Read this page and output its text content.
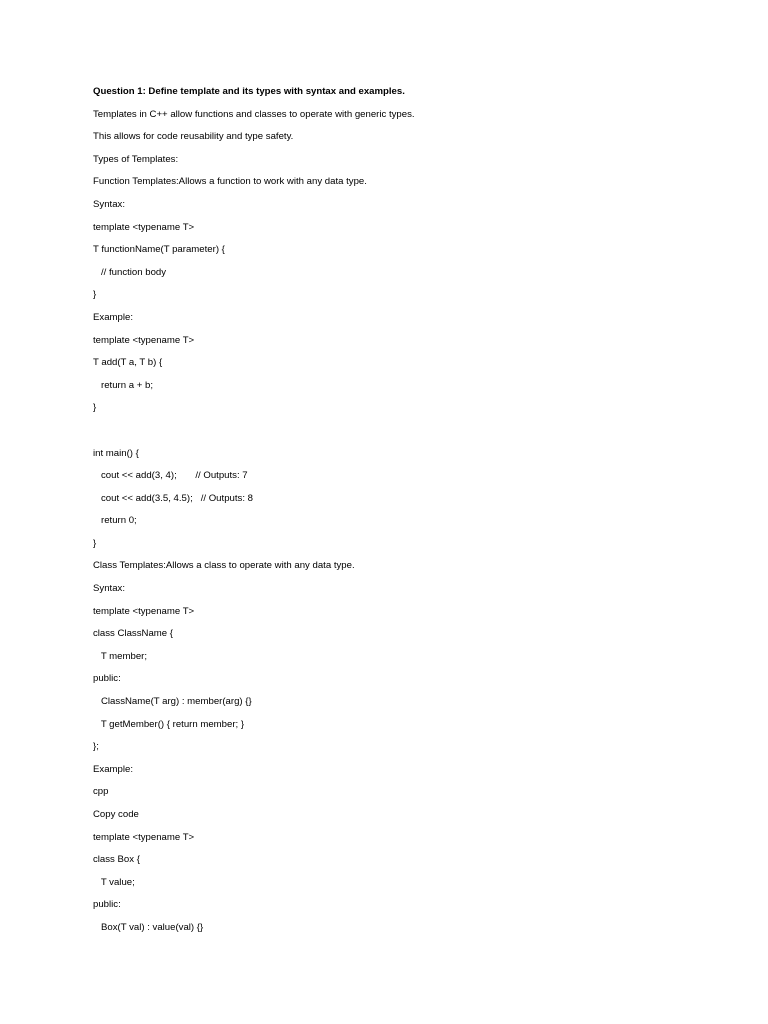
Question 1: Define template and its types with syntax and examples.
Templates in C++ allow functions and classes to operate with generic types.
This allows for code reusability and type safety.
Types of Templates:
Function Templates:Allows a function to work with any data type.
Syntax:
template <typename T>
T functionName(T parameter) {
// function body
}
Example:
template <typename T>
T add(T a, T b) {
return a + b;
}
int main() {
cout << add(3, 4);       // Outputs: 7
cout << add(3.5, 4.5);   // Outputs: 8
return 0;
}
Class Templates:Allows a class to operate with any data type.
Syntax:
template <typename T>
class ClassName {
T member;
public:
ClassName(T arg) : member(arg) {}
T getMember() { return member; }
};
Example:
cpp
Copy code
template <typename T>
class Box {
T value;
public:
Box(T val) : value(val) {}
